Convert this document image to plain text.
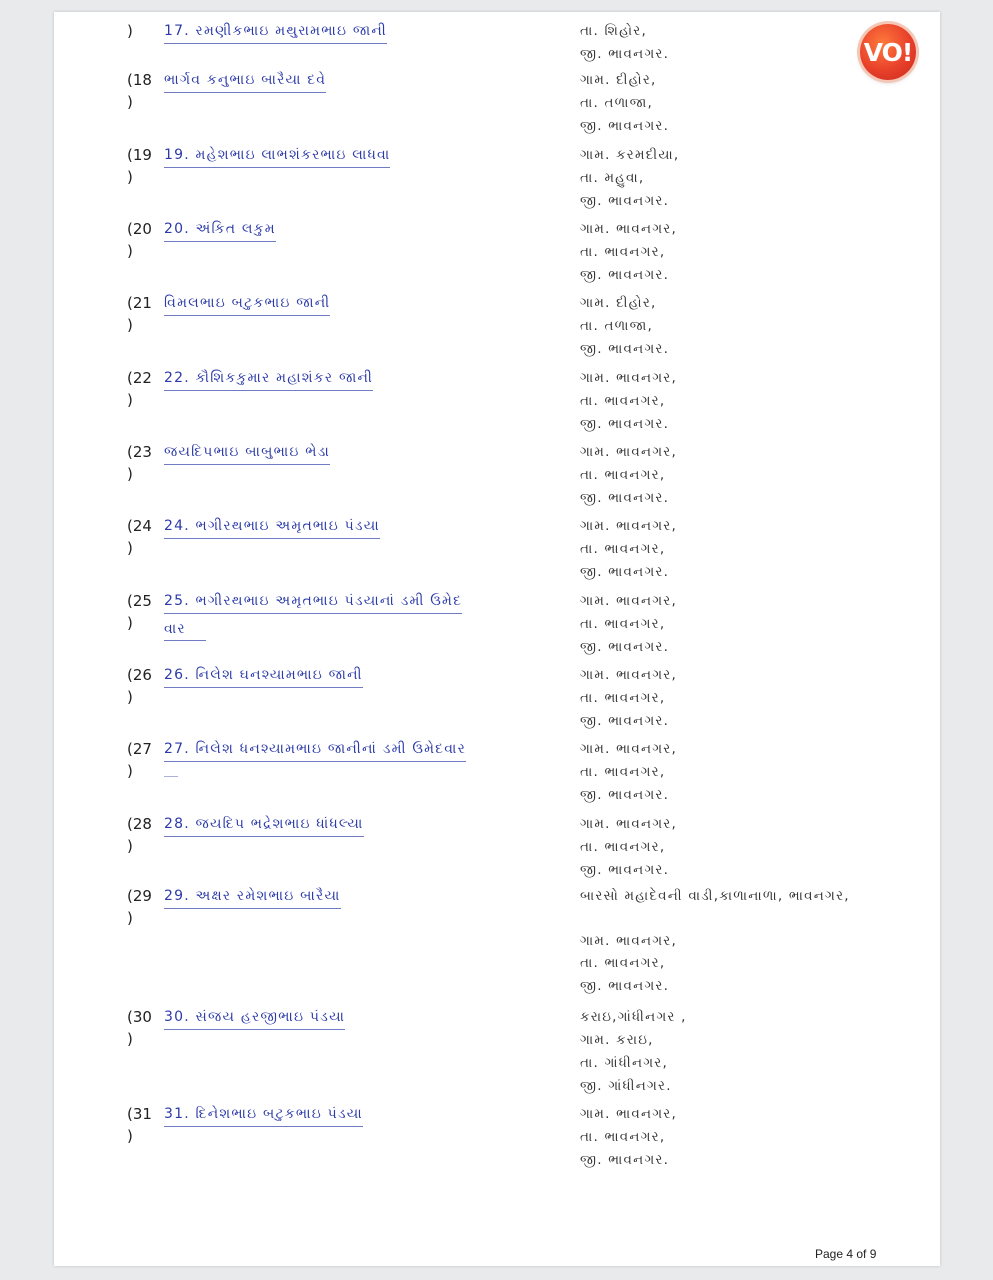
VO!
)	17. રમણીકભાઇ મથુરામભાઇ જાની	તા. શિહોર,
જી. ભાવનગર.
(18
)
ભાર્ગવ કનુભાઇ બારૈયા દવે	ગામ. દીહોર,
તા. તળાજા,
જી. ભાવનગર.
(19
)
19. મહેશભાઇ લાભશંકરભાઇ લાધવા	ગામ. કરમદીયા,
તા. મહુવા,
જી. ભાવનગર.
(20
)
20. અંકિત લકુમ	ગામ. ભાવનગર,
તા. ભાવનગર,
જી. ભાવનગર.
(21
)
વિમલભાઇ બટુકભાઇ જાની	ગામ. દીહોર,
તા. તળાજા,
જી. ભાવનગર.
(22
)
22. કૌશિકકુમાર મહાશંકર જાની	ગામ. ભાવનગર,
તા. ભાવનગર,
જી. ભાવનગર.
(23
)
જયદિપભાઇ બાબુભાઇ ભેડા	ગામ. ભાવનગર,
તા. ભાવનગર,
જી. ભાવનગર.
(24
)
24. ભગીરથભાઇ અમૃતભાઇ પંડયા	ગામ. ભાવનગર,
તા. ભાવનગર,
જી. ભાવનગર.
(25
)
25. ભગીરથભાઇ અમૃતભાઇ પંડયાનાં ડમી ઉમેદ
વાર
ગામ. ભાવનગર,
તા. ભાવનગર,
જી. ભાવનગર.
(26
)
26. નિલેશ ઘનશ્યામભાઇ જાની	ગામ. ભાવનગર,
તા. ભાવનગર,
જી. ભાવનગર.
(27
)
27. નિલેશ ધનશ્યામભાઇ જાનીનાં ડમી ઉમેદવાર	ગામ. ભાવનગર,
તા. ભાવનગર,
જી. ભાવનગર.
(28
)
28. જયદિપ ભદ્રેશભાઇ ધાંધલ્યા	ગામ. ભાવનગર,
તા. ભાવનગર,
જી. ભાવનગર.
(29
)
29. અક્ષર રમેશભાઇ બારૈયા	બારસો મહાદેવની વાડી,કાળાનાળા, ભાવનગર,
ગામ. ભાવનગર,
તા. ભાવનગર,
જી. ભાવનગર.
(30
)
30. સંજય હરજીભાઇ પંડયા	કરાઇ,ગાંધીનગર ,
ગામ. કરાઇ,
તા. ગાંધીનગર,
જી. ગાંધીનગર.
(31
)
31. દિનેશભાઇ બટુકભાઇ પંડયા	ગામ. ભાવનગર,
તા. ભાવનગર,
જી. ભાવનગર.
Page 4 of 9
